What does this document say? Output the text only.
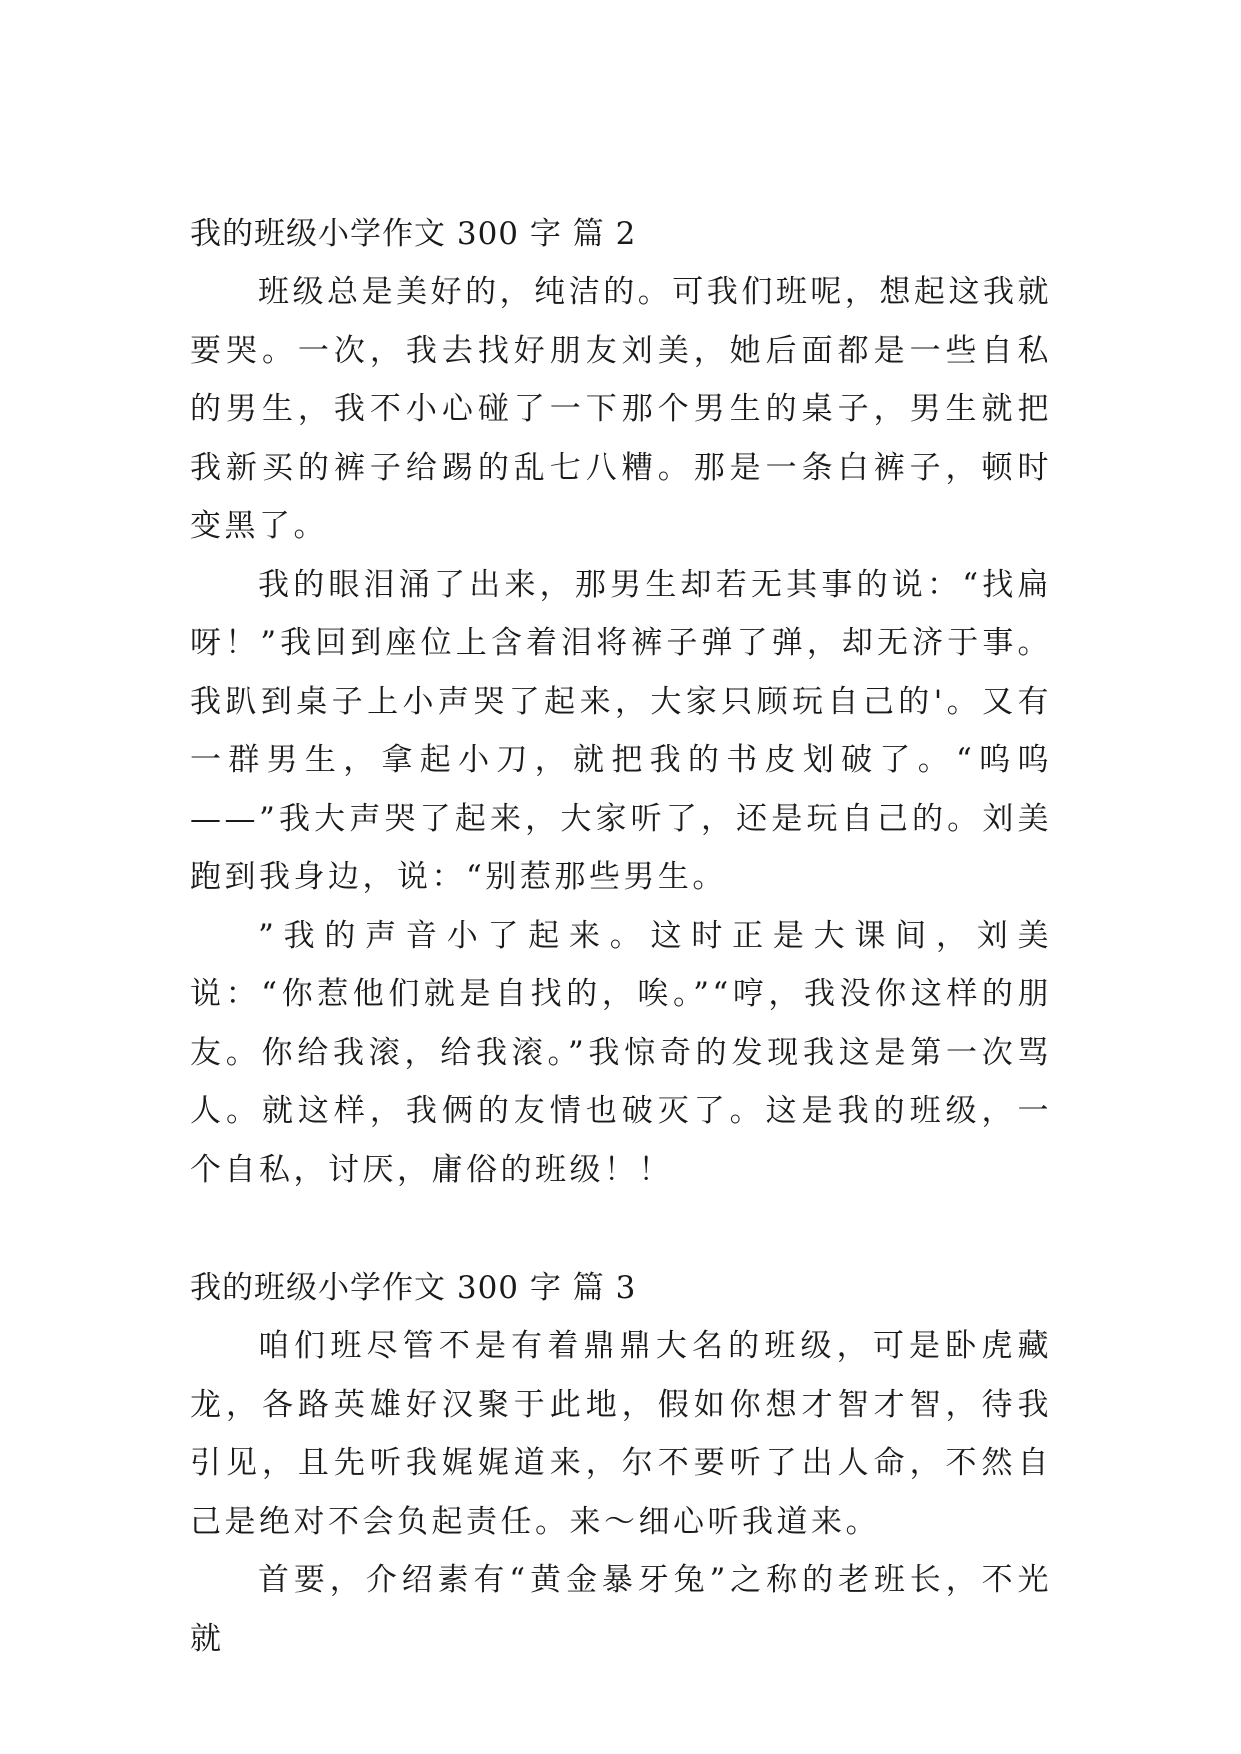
我的班级小学作文 300 字 篇 2

班级总是美好的，纯洁的。可我们班呢，想起这我就要哭。一次，我去找好朋友刘美，她后面都是一些自私的男生，我不小心碰了一下那个男生的桌子，男生就把我新买的裤子给踢的乱七八糟。那是一条白裤子，顿时变黑了。

我的眼泪涌了出来，那男生却若无其事的说：“找扁呀！”我回到座位上含着泪将裤子弹了弹，却无济于事。我趴到桌子上小声哭了起来，大家只顾玩自己的'。又有一群男生，拿起小刀，就把我的书皮划破了。“呜呜——”我大声哭了起来，大家听了，还是玩自己的。刘美跑到我身边，说：“别惹那些男生。

”我的声音小了起来。这时正是大课间，刘美说：“你惹他们就是自找的，唉。”“哼，我没你这样的朋友。你给我滚，给我滚。”我惊奇的发现我这是第一次骂人。就这样，我俩的友情也破灭了。这是我的班级，一个自私，讨厌，庸俗的班级！！

我的班级小学作文 300 字 篇 3

咱们班尽管不是有着鼎鼎大名的班级，可是卧虎藏龙，各路英雄好汉聚于此地，假如你想才智才智，待我引见，且先听我娓娓道来，尔不要听了出人命，不然自己是绝对不会负起责任。来～细心听我道来。

首要，介绍素有“黄金暴牙兔”之称的老班长，不光就
